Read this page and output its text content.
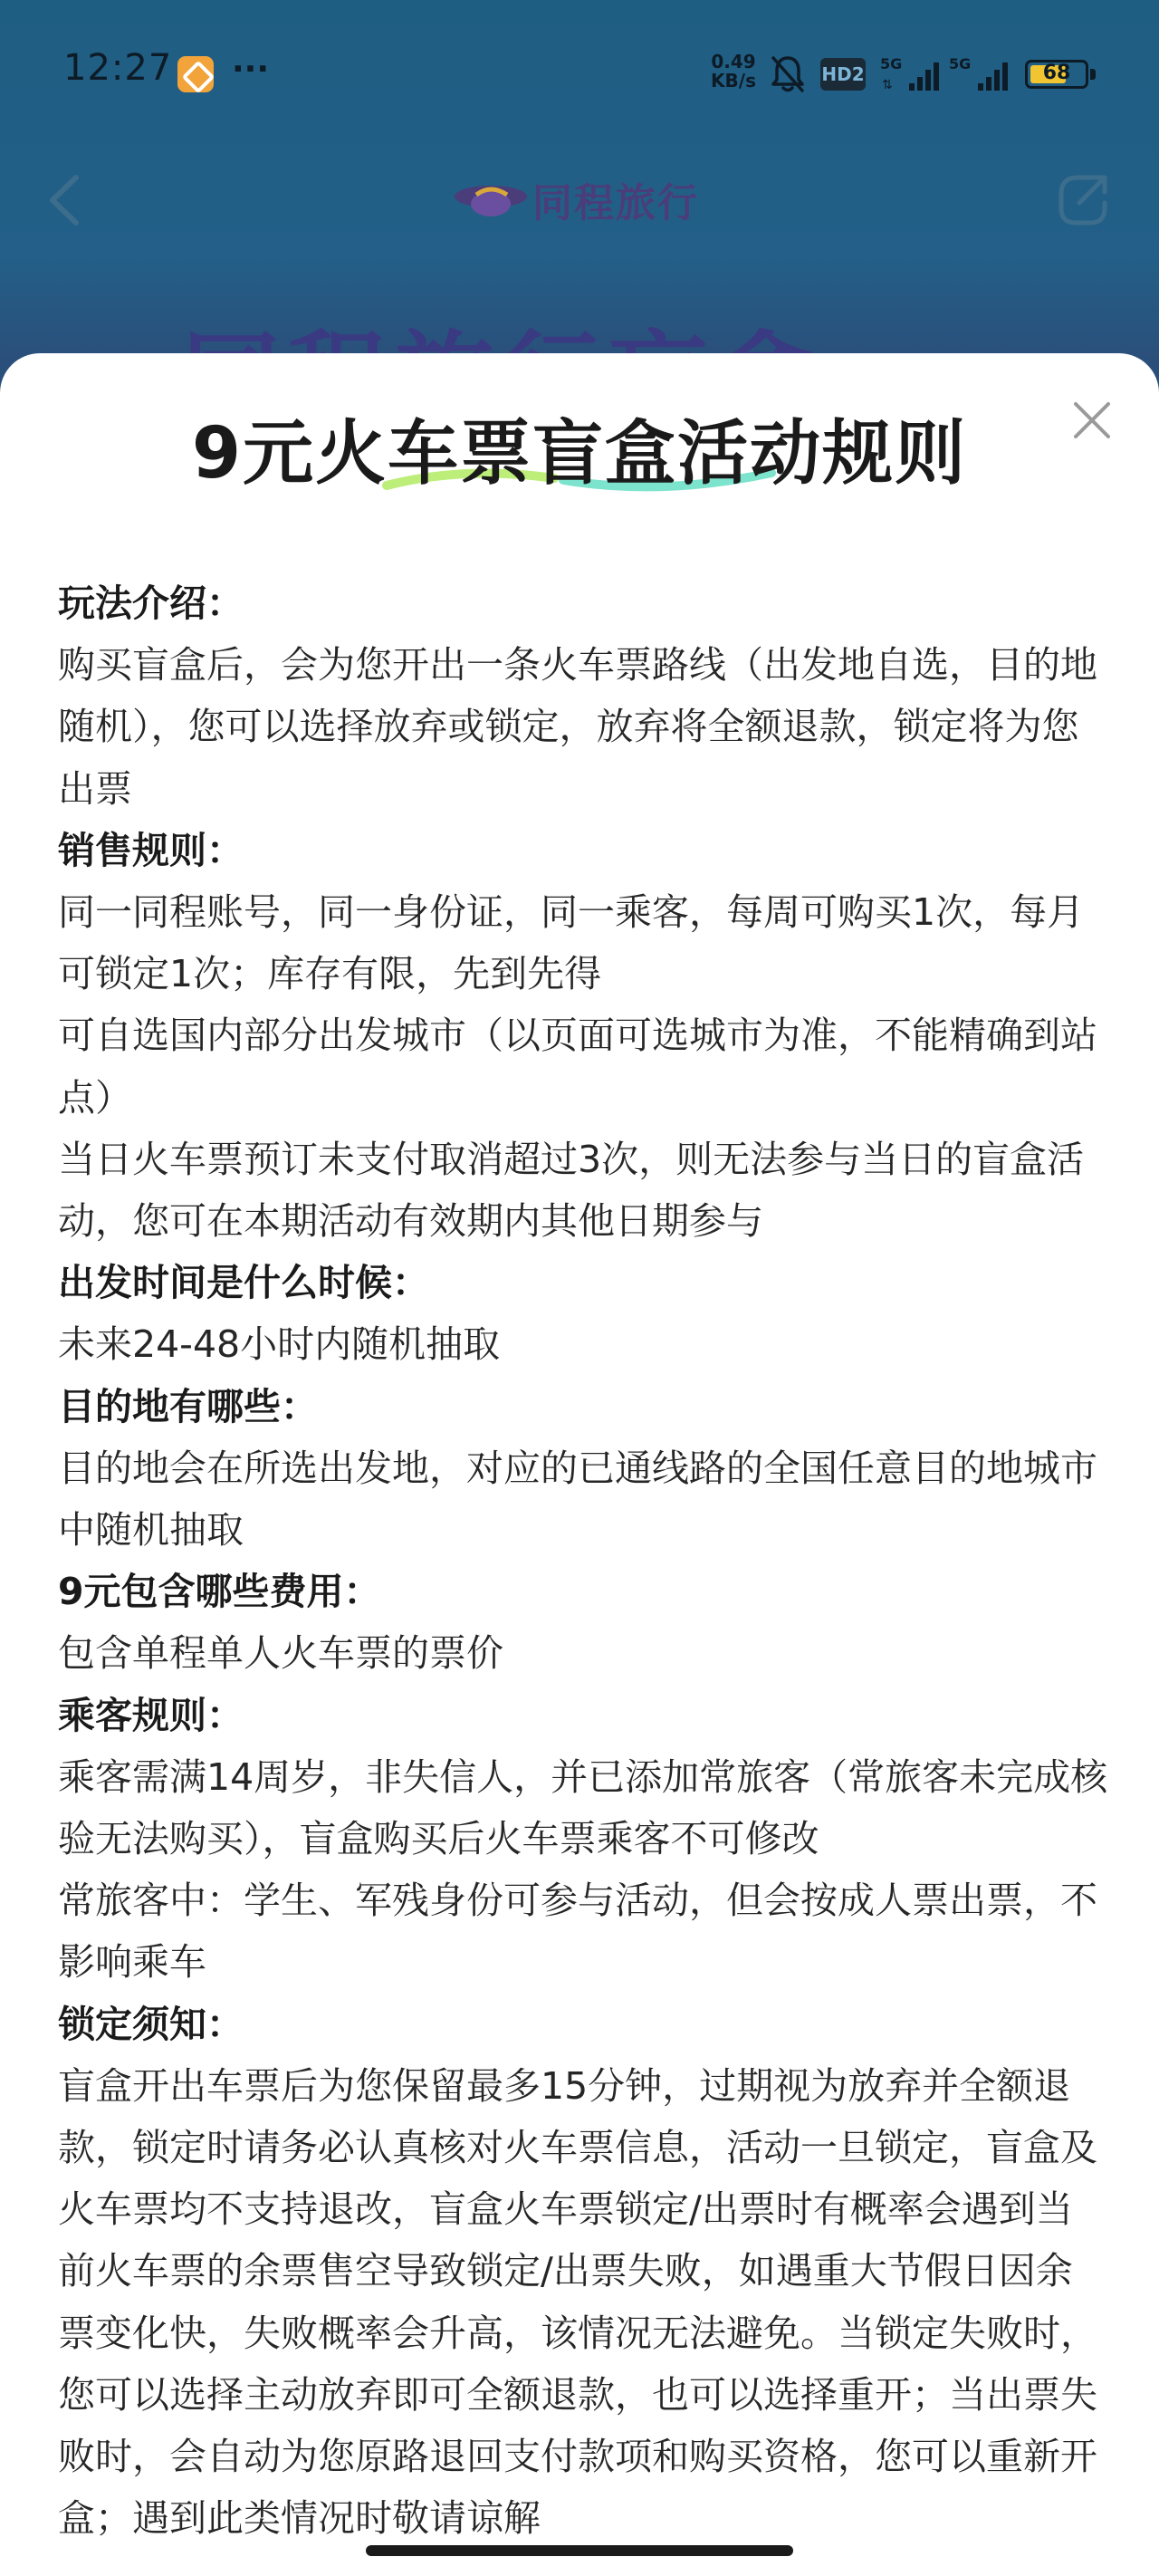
12:27 ···	0.49
KB/s	HD2 5G
⇅
5G	68
同程旅行
9元火车票盲盒活动规则

玩法介绍：

购买盲盒后，会为您开出一条火车票路线（出发地自选，目的地随机），您可以选择放弃或锁定，放弃将全额退款，锁定将为您出票

销售规则：

同一同程账号，同一身份证，同一乘客，每周可购买1次，每月可锁定1次；库存有限，先到先得

可自选国内部分出发城市（以页面可选城市为准，不能精确到站点）

当日火车票预订未支付取消超过3次，则无法参与当日的盲盒活动，您可在本期活动有效期内其他日期参与

出发时间是什么时候：

未来24-48小时内随机抽取

目的地有哪些：

目的地会在所选出发地，对应的已通线路的全国任意目的地城市中随机抽取

9元包含哪些费用：

包含单程单人火车票的票价

乘客规则：

乘客需满14周岁，非失信人，并已添加常旅客（常旅客未完成核验无法购买），盲盒购买后火车票乘客不可修改

常旅客中：学生、军残身份可参与活动，但会按成人票出票，不影响乘车

锁定须知：

盲盒开出车票后为您保留最多15分钟，过期视为放弃并全额退款，锁定时请务必认真核对火车票信息，活动一旦锁定，盲盒及火车票均不支持退改，盲盒火车票锁定/出票时有概率会遇到当前火车票的余票售空导致锁定/出票失败，如遇重大节假日因余票变化快，失败概率会升高，该情况无法避免。当锁定失败时，您可以选择主动放弃即可全额退款，也可以选择重开；当出票失败时，会自动为您原路退回支付款项和购买资格，您可以重新开盒；遇到此类情况时敬请谅解
